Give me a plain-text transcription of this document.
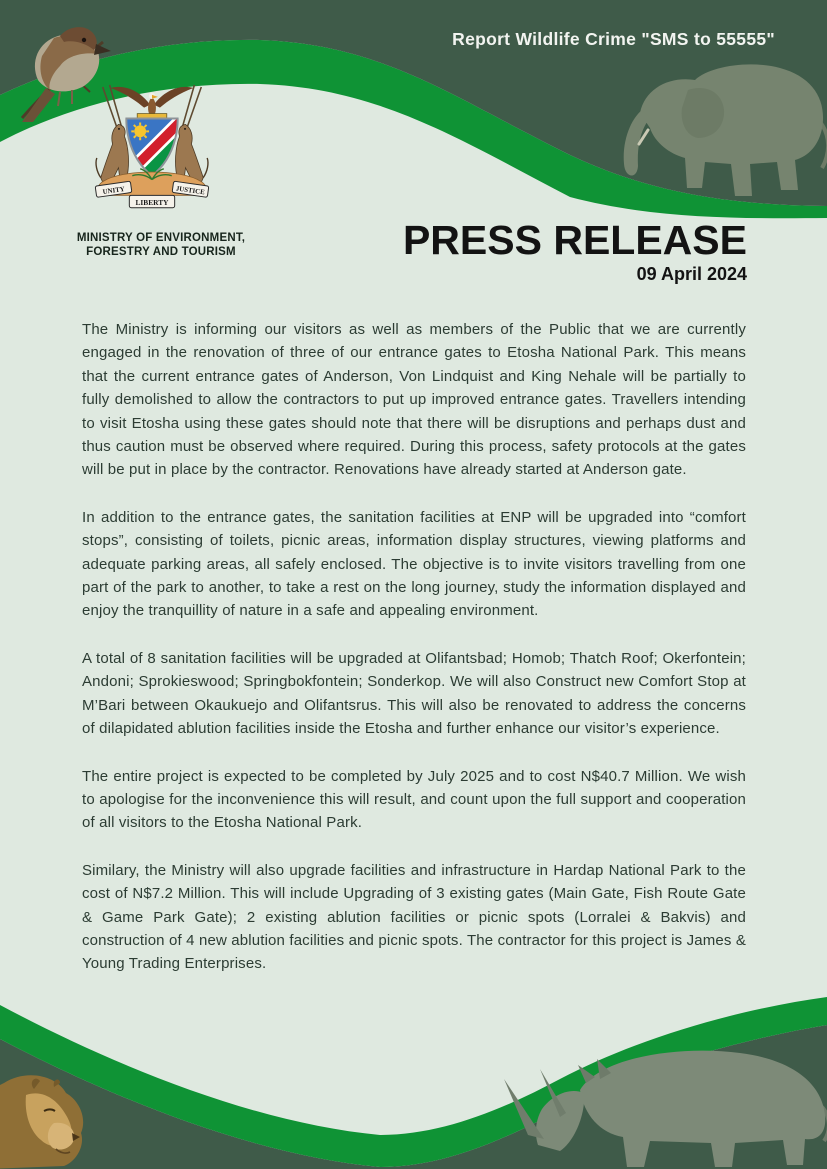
Report Wildlife Crime "SMS to 55555"
UNITY
LIBERTY
JUSTICE
MINISTRY OF ENVIRONMENT,
FORESTRY AND TOURISM	PRESS RELEASE
09 April 2024

The Ministry is informing our visitors as well as members of the Public that we are currently engaged in the renovation of three of our entrance gates to Etosha National Park. This means that the current entrance gates of Anderson, Von Lindquist and King Nehale will be partially to fully demolished to allow the contractors to put up improved entrance gates. Travellers intending to visit Etosha using these gates should note that there will be disruptions and perhaps dust and thus caution must be observed where required. During this process, safety protocols at the gates will be put in place by the contractor. Renovations have already started at Anderson gate.

In addition to the entrance gates, the sanitation facilities at ENP will be upgraded into “comfort stops”, consisting of toilets, picnic areas, information display structures, viewing platforms and adequate parking areas, all safely enclosed. The objective is to invite visitors travelling from one part of the park to another, to take a rest on the long journey, study the information displayed and enjoy the tranquillity of nature in a safe and appealing environment.

A total of 8 sanitation facilities will be upgraded at Olifantsbad; Homob; Thatch Roof; Okerfontein; Andoni; Sprokieswood; Springbokfontein; Sonderkop. We will also Construct new Comfort Stop at M’Bari between Okaukuejo and Olifantsrus. This will also be renovated to address the concerns of dilapidated ablution facilities inside the Etosha and further enhance our visitor’s experience.

The entire project is expected to be completed by July 2025 and to cost N$40.7 Million. We wish to apologise for the inconvenience this will result, and count upon the full support and cooperation of all visitors to the Etosha National Park.

Similary, the Ministry will also upgrade facilities and infrastructure in Hardap National Park to the cost of N$7.2 Million. This will include Upgrading of 3 existing gates (Main Gate, Fish Route Gate & Game Park Gate); 2 existing ablution facilities or picnic spots (Lorralei & Bakvis) and construction of 4 new ablution facilities and picnic spots. The contractor for this project is James & Young Trading Enterprises.
